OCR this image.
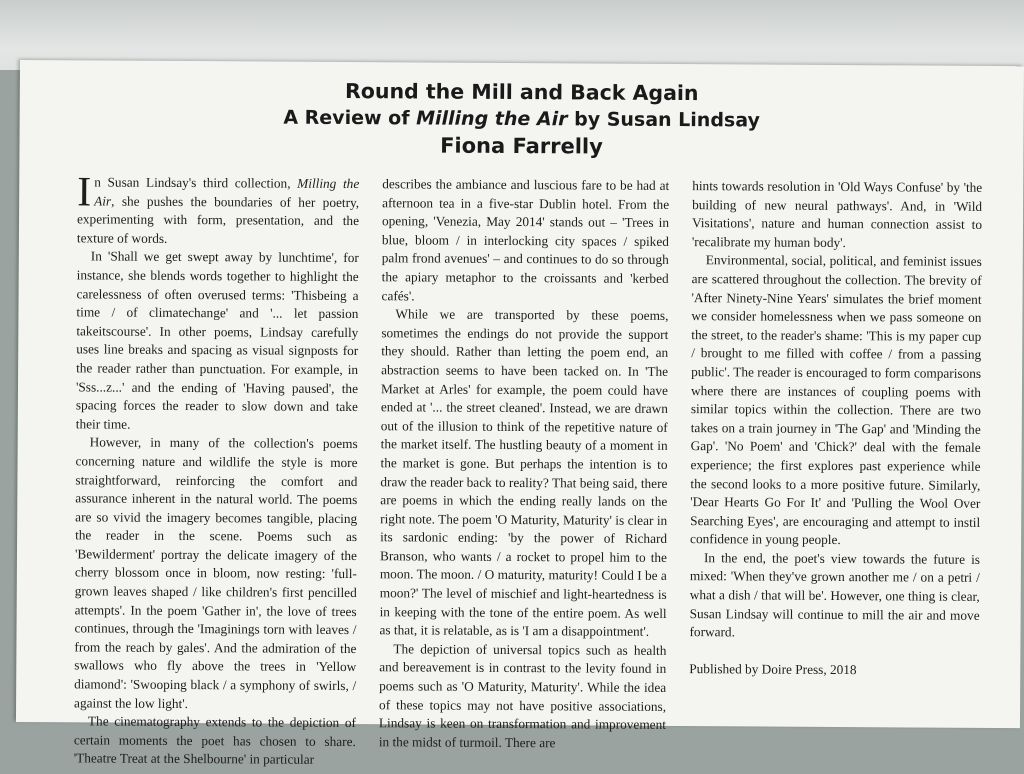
Round the Mill and Back Again
A Review of Milling the Air by Susan Lindsay
Fiona Farrelly

In Susan Lindsay's third collection, Milling the Air, she pushes the boundaries of her poetry, experimenting with form, presentation, and the texture of words.

In 'Shall we get swept away by lunchtime', for instance, she blends words together to highlight the carelessness of often overused terms: 'Thisbeing a time / of climatechange' and '... let passion takeitscourse'. In other poems, Lindsay carefully uses line breaks and spacing as visual signposts for the reader rather than punctuation. For example, in 'Sss...z...' and the ending of 'Having paused', the spacing forces the reader to slow down and take their time.

However, in many of the collection's poems concerning nature and wildlife the style is more straightforward, reinforcing the comfort and assurance inherent in the natural world. The poems are so vivid the imagery becomes tangible, placing the reader in the scene. Poems such as 'Bewilderment' portray the delicate imagery of the cherry blossom once in bloom, now resting: 'full-grown leaves shaped / like children's first pencilled attempts'. In the poem 'Gather in', the love of trees continues, through the 'Imaginings torn with leaves / from the reach by gales'. And the admiration of the swallows who fly above the trees in 'Yellow diamond': 'Swooping black / a symphony of swirls, / against the low light'.

The cinematography extends to the depiction of certain moments the poet has chosen to share. 'Theatre Treat at the Shelbourne' in particular

describes the ambiance and luscious fare to be had at afternoon tea in a five-star Dublin hotel. From the opening, 'Venezia, May 2014' stands out – 'Trees in blue, bloom / in interlocking city spaces / spiked palm frond avenues' – and continues to do so through the apiary metaphor to the croissants and 'kerbed cafés'.

While we are transported by these poems, sometimes the endings do not provide the support they should. Rather than letting the poem end, an abstraction seems to have been tacked on. In 'The Market at Arles' for example, the poem could have ended at '... the street cleaned'. Instead, we are drawn out of the illusion to think of the repetitive nature of the market itself. The hustling beauty of a moment in the market is gone. But perhaps the intention is to draw the reader back to reality? That being said, there are poems in which the ending really lands on the right note. The poem 'O Maturity, Maturity' is clear in its sardonic ending: 'by the power of Richard Branson, who wants / a rocket to propel him to the moon. The moon. / O maturity, maturity! Could I be a moon?' The level of mischief and light-heartedness is in keeping with the tone of the entire poem. As well as that, it is relatable, as is 'I am a disappointment'.

The depiction of universal topics such as health and bereavement is in contrast to the levity found in poems such as 'O Maturity, Maturity'. While the idea of these topics may not have positive associations, Lindsay is keen on transformation and improvement in the midst of turmoil. There are

hints towards resolution in 'Old Ways Confuse' by 'the building of new neural pathways'. And, in 'Wild Visitations', nature and human connection assist to 'recalibrate my human body'.

Environmental, social, political, and feminist issues are scattered throughout the collection. The brevity of 'After Ninety-Nine Years' simulates the brief moment we consider homelessness when we pass someone on the street, to the reader's shame: 'This is my paper cup / brought to me filled with coffee / from a passing public'. The reader is encouraged to form comparisons where there are instances of coupling poems with similar topics within the collection. There are two takes on a train journey in 'The Gap' and 'Minding the Gap'. 'No Poem' and 'Chick?' deal with the female experience; the first explores past experience while the second looks to a more positive future. Similarly, 'Dear Hearts Go For It' and 'Pulling the Wool Over Searching Eyes', are encouraging and attempt to instil confidence in young people.

In the end, the poet's view towards the future is mixed: 'When they've grown another me / on a petri / what a dish / that will be'. However, one thing is clear, Susan Lindsay will continue to mill the air and move forward.

Published by Doire Press, 2018
